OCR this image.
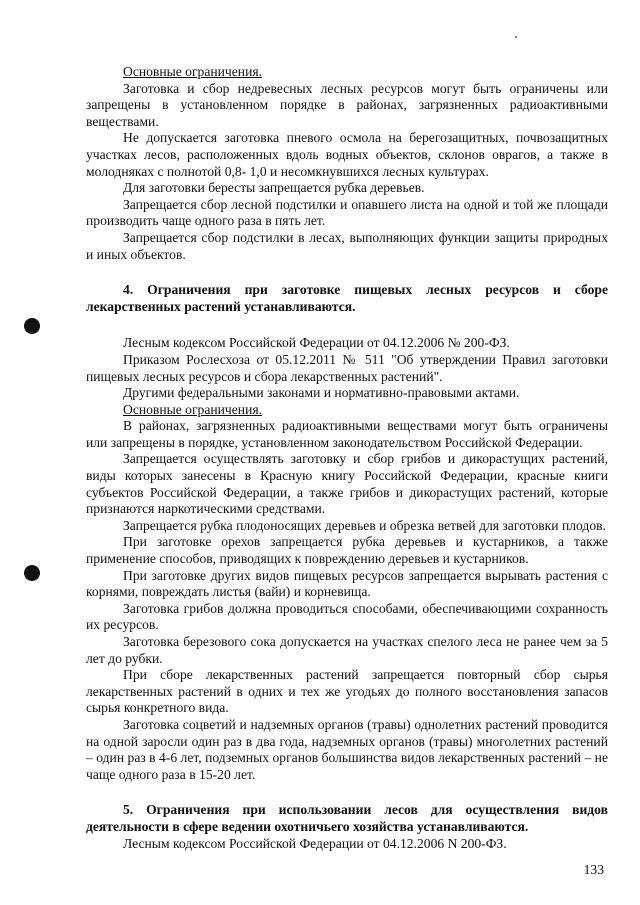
Основные ограничения.

Заготовка и сбор недревесных лесных ресурсов могут быть ограничены или запрещены в установленном порядке в районах, загрязненных радиоактивными веществами.

Не допускается заготовка пневого осмола на берегозащитных, почвозащитных участках лесов, расположенных вдоль водных объектов, склонов оврагов, а также в молодняках с полнотой 0,8- 1,0 и несомкнувшихся лесных культурах.

Для заготовки бересты запрещается рубка деревьев.

Запрещается сбор лесной подстилки и опавшего листа на одной и той же площади производить чаще одного раза в пять лет.

Запрещается сбор подстилки в лесах, выполняющих функции защиты природных и иных объектов.

4. Ограничения при заготовке пищевых лесных ресурсов и сборе лекарственных растений устанавливаются.

Лесным кодексом Российской Федерации от 04.12.2006 № 200-ФЗ.

Приказом Рослесхоза от 05.12.2011 № 511 "Об утверждении Правил заготовки пищевых лесных ресурсов и сбора лекарственных растений".

Другими федеральными законами и нормативно-правовыми актами.

Основные ограничения.

В районах, загрязненных радиоактивными веществами могут быть ограничены или запрещены в порядке, установленном законодательством Российской Федерации.

Запрещается осуществлять заготовку и сбор грибов и дикорастущих растений, виды которых занесены в Красную книгу Российской Федерации, красные книги субъектов Российской Федерации, а также грибов и дикорастущих растений, которые признаются наркотическими средствами.

Запрещается рубка плодоносящих деревьев и обрезка ветвей для заготовки плодов.

При заготовке орехов запрещается рубка деревьев и кустарников, а также применение способов, приводящих к повреждению деревьев и кустарников.

При заготовке других видов пищевых ресурсов запрещается вырывать растения с корнями, повреждать листья (вайи) и корневища.

Заготовка грибов должна проводиться способами, обеспечивающими сохранность их ресурсов.

Заготовка березового сока допускается на участках спелого леса не ранее чем за 5 лет до рубки.

При сборе лекарственных растений запрещается повторный сбор сырья лекарственных растений в одних и тех же угодьях до полного восстановления запасов сырья конкретного вида.

Заготовка соцветий и надземных органов (травы) однолетних растений проводится на одной заросли один раз в два года, надземных органов (травы) многолетних растений – один раз в 4-6 лет, подземных органов большинства видов лекарственных растений – не чаще одного раза в 15-20 лет.

5. Ограничения при использовании лесов для осуществления видов деятельности в сфере ведении охотничьего хозяйства устанавливаются.

Лесным кодексом Российской Федерации от 04.12.2006 N 200-ФЗ.

133
